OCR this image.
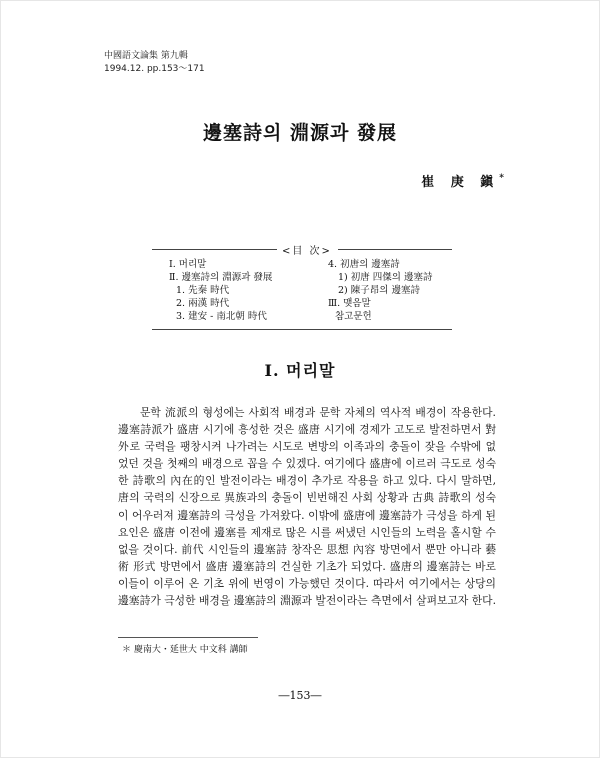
中國語文論集 第九輯
1994.12. pp.153～171
邊塞詩의 淵源과 發展
崔 庚 鎭*
<目 次>
Ⅰ. 머리말
Ⅱ. 邊塞詩의 淵源과 發展
1. 先秦 時代
2. 兩漢 時代
3. 建安 - 南北朝 時代
4. 初唐의 邊塞詩
1) 初唐 四傑의 邊塞詩
2) 陳子昂의 邊塞詩
Ⅲ. 맺음말
참고문헌
Ⅰ. 머리말

문학 流派의 형성에는 사회적 배경과 문학 자체의 역사적 배경이 작용한다. 邊塞詩派가 盛唐 시기에 흥성한 것은 盛唐 시기에 경제가 고도로 발전하면서 對外로 국력을 팽창시켜 나가려는 시도로 변방의 이족과의 충돌이 잦을 수밖에 없었던 것을 첫째의 배경으로 꼽을 수 있겠다. 여기에다 盛唐에 이르러 극도로 성숙한 詩歌의 內在的인 발전이라는 배경이 추가로 작용을 하고 있다. 다시 말하면, 唐의 국력의 신장으로 異族과의 충돌이 빈번해진 사회 상황과 古典 詩歌의 성숙이 어우러져 邊塞詩의 극성을 가져왔다. 이밖에 盛唐에 邊塞詩가 극성을 하게 된 요인은 盛唐 이전에 邊塞를 제재로 많은 시를 써냈던 시인들의 노력을 홀시할 수 없을 것이다. 前代 시인들의 邊塞詩 창작은 思想 內容 방면에서 뿐만 아니라 藝術 形式 방면에서 盛唐 邊塞詩의 건실한 기초가 되었다. 盛唐의 邊塞詩는 바로 이들이 이루어 온 기초 위에 번영이 가능했던 것이다. 따라서 여기에서는 상당의 邊塞詩가 극성한 배경을 邊塞詩의 淵源과 발전이라는 측면에서 살펴보고자 한다.

＊ 慶南大・延世大 中文科 講師
―153―
